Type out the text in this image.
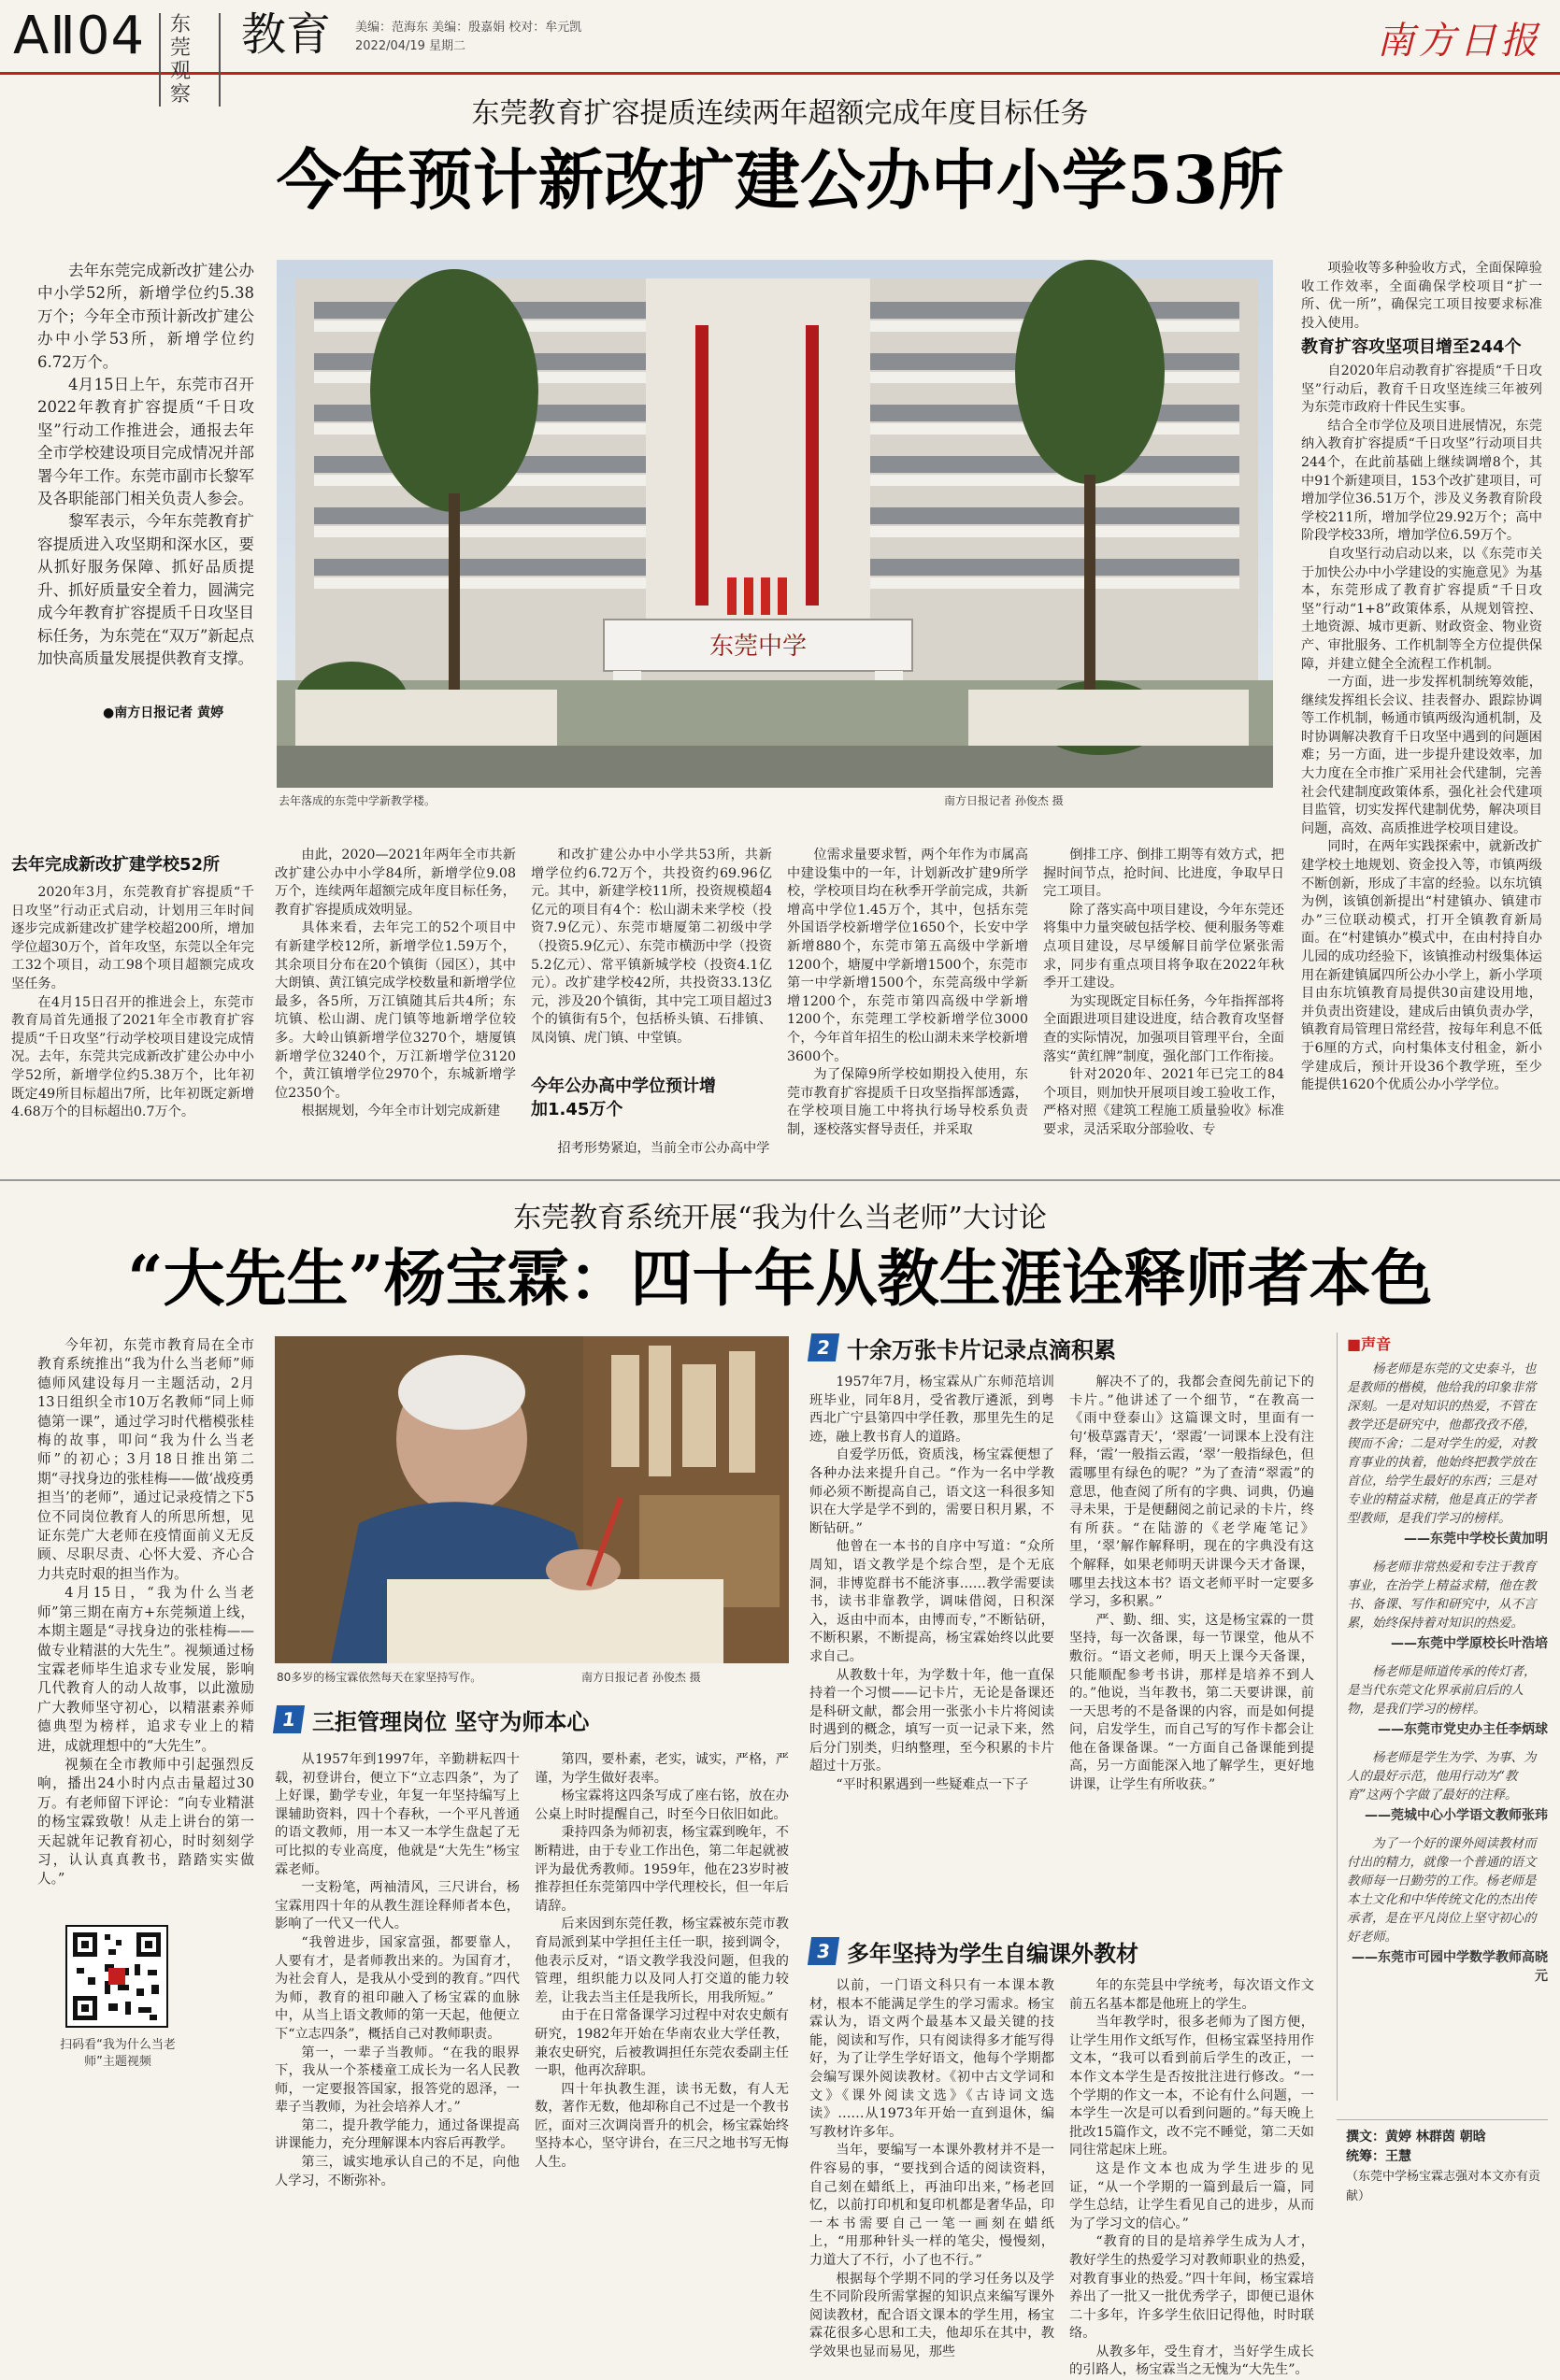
AⅡ04	东莞观察
教育 美编：范海东 美编：殷嘉娟 校对：牟元凯
2022/04/19 星期二	南方日报
东莞教育扩容提质连续两年超额完成年度目标任务
今年预计新改扩建公办中小学53所

去年东莞完成新改扩建公办中小学52所，新增学位约5.38万个；今年全市预计新改扩建公办中小学53所，新增学位约6.72万个。

4月15日上午，东莞市召开2022年教育扩容提质“千日攻坚”行动工作推进会，通报去年全市学校建设项目完成情况并部署今年工作。东莞市副市长黎军及各职能部门相关负责人参会。

黎军表示，今年东莞教育扩容提质进入攻坚期和深水区，要从抓好服务保障、抓好品质提升、抓好质量安全着力，圆满完成今年教育扩容提质千日攻坚目标任务，为东莞在“双万”新起点加快高质量发展提供教育支撑。

●南方日报记者 黄婷
东莞中学
去年落成的东莞中学新教学楼。	南方日报记者 孙俊杰 摄

项验收等多种验收方式，全面保障验收工作效率，全面确保学校项目“扩一所、优一所”，确保完工项目按要求标准投入使用。

教育扩容攻坚项目增至244个

自2020年启动教育扩容提质“千日攻坚”行动后，教育千日攻坚连续三年被列为东莞市政府十件民生实事。

结合全市学位及项目进展情况，东莞纳入教育扩容提质“千日攻坚”行动项目共244个，在此前基础上继续调增8个，其中91个新建项目，153个改扩建项目，可增加学位36.51万个，涉及义务教育阶段学校211所，增加学位29.92万个；高中阶段学校33所，增加学位6.59万个。

自攻坚行动启动以来，以《东莞市关于加快公办中小学建设的实施意见》为基本，东莞形成了教育扩容提质“千日攻坚”行动“1+8”政策体系，从规划管控、土地资源、城市更新、财政资金、物业资产、审批服务、工作机制等全方位提供保障，并建立健全全流程工作机制。

一方面，进一步发挥机制统筹效能，继续发挥组长会议、挂表督办、跟踪协调等工作机制，畅通市镇两级沟通机制，及时协调解决教育千日攻坚中遇到的问题困难；另一方面，进一步提升建设效率，加大力度在全市推广采用社会代建制，完善社会代建制度政策体系，强化社会代建项目监管，切实发挥代建制优势，解决项目问题，高效、高质推进学校项目建设。

同时，在两年实践探索中，就新改扩建学校土地规划、资金投入等，市镇两级不断创新，形成了丰富的经验。以东坑镇为例，该镇创新提出“村建镇办、镇建市办”三位联动模式，打开全镇教育新局面。在“村建镇办”模式中，在由村持自办儿园的成功经验下，该镇推动村级集体运用在新建镇属四所公办小学上，新小学项目由东坑镇教育局提供30亩建设用地，并负责出资建设，建成后由镇负责办学，镇教育局管理日常经营，按每年利息不低于6厘的方式，向村集体支付租金，新小学建成后，预计开设36个教学班，至少能提供1620个优质公办小学学位。

去年完成新改扩建学校52所

2020年3月，东莞教育扩容提质“千日攻坚”行动正式启动，计划用三年时间逐步完成新建改扩建学校超200所，增加学位超30万个，首年攻坚，东莞以全年完工32个项目，动工98个项目超额完成攻坚任务。

在4月15日召开的推进会上，东莞市教育局首先通报了2021年全市教育扩容提质“千日攻坚”行动学校项目建设完成情况。去年，东莞共完成新改扩建公办中小学52所，新增学位约5.38万个，比年初既定49所目标超出7所，比年初既定新增4.68万个的目标超出0.7万个。

由此，2020—2021年两年全市共新改扩建公办中小学84所，新增学位9.08万个，连续两年超额完成年度目标任务，教育扩容提质成效明显。

具体来看，去年完工的52个项目中有新建学校12所，新增学位1.59万个，其余项目分布在20个镇街（园区），其中大朗镇、黄江镇完成学校数量和新增学位最多，各5所，万江镇随其后共4所；东坑镇、松山湖、虎门镇等地新增学位较多。大岭山镇新增学位3270个，塘厦镇新增学位3240个，万江新增学位3120个，黄江镇增学位2970个，东城新增学位2350个。

根据规划，今年全市计划完成新建

和改扩建公办中小学共53所，共新增学位约6.72万个，共投资约69.96亿元。其中，新建学校11所，投资规模超4亿元的项目有4个：松山湖未来学校（投资7.9亿元）、东莞市塘厦第二初级中学（投资5.9亿元）、东莞市横沥中学（投资5.2亿元）、常平镇新城学校（投资4.1亿元）。改扩建学校42所，共投资33.13亿元，涉及20个镇街，其中完工项目超过3个的镇街有5个，包括桥头镇、石排镇、凤岗镇、虎门镇、中堂镇。

今年公办高中学位预计增加1.45万个

招考形势紧迫，当前全市公办高中学

位需求量要求暂，两个年作为市属高中建设集中的一年，计划新改扩建9所学校，学校项目均在秋季开学前完成，共新增高中学位1.45万个，其中，包括东莞外国语学校新增学位1650个，长安中学新增880个，东莞市第五高级中学新增1200个，塘厦中学新增1500个，东莞市第一中学新增1500个，东莞高级中学新增1200个，东莞市第四高级中学新增1200个，东莞理工学校新增学位3000个，今年首年招生的松山湖未来学校新增3600个。

为了保障9所学校如期投入使用，东莞市教育扩容提质千日攻坚指挥部透露，在学校项目施工中将执行场导校系负责制，逐校落实督导责任，并采取

倒排工序、倒排工期等有效方式，把握时间节点，抢时间、比进度，争取早日完工项目。

除了落实高中项目建设，今年东莞还将集中力量突破包括学校、便利服务等难点项目建设，尽早缓解目前学位紧张需求，同步有重点项目将争取在2022年秋季开工建设。

为实现既定目标任务，今年指挥部将全面跟进项目建设进度，结合教育攻坚督查的实际情况，加强项目管理平台，全面落实“黄红牌”制度，强化部门工作衔接。

针对2020年、2021年已完工的84个项目，则加快开展项目竣工验收工作，严格对照《建筑工程施工质量验收》标准要求，灵活采取分部验收、专

东莞教育系统开展“我为什么当老师”大讨论
“大先生”杨宝霖：四十年从教生涯诠释师者本色

今年初，东莞市教育局在全市教育系统推出“我为什么当老师”师德师风建设每月一主题活动，2月13日组织全市10万名教师“同上师德第一课”，通过学习时代楷模张桂梅的故事，叩问“我为什么当老师”的初心；3月18日推出第二期“寻找身边的张桂梅——做‘战疫勇担当’的老师”，通过记录疫情之下5位不同岗位教育人的所思所想，见证东莞广大老师在疫情面前义无反顾、尽职尽责、心怀大爱、齐心合力共克时艰的担当作为。

4月15日，“我为什么当老师”第三期在南方+东莞频道上线，本期主题是“寻找身边的张桂梅——做专业精湛的大先生”。视频通过杨宝霖老师毕生追求专业发展，影响几代教育人的动人故事，以此激励广大教师坚守初心，以精湛素养师德典型为榜样，追求专业上的精进，成就理想中的“大先生”。

视频在全市教师中引起强烈反响，播出24小时内点击量超过30万。有老师留下评论：“向专业精湛的杨宝霖致敬！从走上讲台的第一天起就年记教育初心，时时刻刻学习，认认真真教书，踏踏实实做人。”

扫码看“我为什么当老师”主题视频
80多岁的杨宝霖依然每天在家坚持写作。	南方日报记者 孙俊杰 摄
1 三拒管理岗位 坚守为师本心

从1957年到1997年，辛勤耕耘四十载，初登讲台，便立下“立志四条”，为了上好课，勤学专业，年复一年坚持编写上课辅助资料，四十个春秋，一个平凡普通的语文教师，用一本又一本学生盘起了无可比拟的专业高度，他就是“大先生”杨宝霖老师。

一支粉笔，两袖清风，三尺讲台，杨宝霖用四十年的从教生涯诠释师者本色，影响了一代又一代人。

“我曾进步，国家富强，都要靠人，人要有才，是者师教出来的。为国育才，为社会育人，是我从小受到的教育。”四代为师，教育的祖印融入了杨宝霖的血脉中，从当上语文教师的第一天起，他便立下“立志四条”，概括自己对教师职责。

第一，一辈子当教师。“在我的眼界下，我从一个茶楼童工成长为一名人民教师，一定要报答国家，报答党的恩泽，一辈子当教师，为社会培养人才。”

第二，提升教学能力，通过备课提高讲课能力，充分理解课本内容后再教学。

第三，诚实地承认自己的不足，向他人学习，不断弥补。

第四，要朴素，老实，诚实，严格，严谨，为学生做好表率。

杨宝霖将这四条写成了座右铭，放在办公桌上时时提醒自己，时至今日依旧如此。

秉持四条为师初衷，杨宝霖到晚年，不断精进，由于专业工作出色，第二年起就被评为最优秀教师。1959年，他在23岁时被推荐担任东莞第四中学代理校长，但一年后请辞。

后来因到东莞任教，杨宝霖被东莞市教育局派到某中学担任主任一职，接到调令，他表示反对，“语文教学我没问题，但我的管理，组织能力以及同人打交道的能力较差，让我去当主任是我所长，用我所短。”

由于在日常备课学习过程中对农史颇有研究，1982年开始在华南农业大学任教，兼农史研究，后被教调担任东莞农委副主任一职，他再次辞职。

四十年执教生涯，读书无数，有人无数，著作无数，他却称自己不过是一个教书匠，面对三次调岗晋升的机会，杨宝霖始终坚持本心，坚守讲台，在三尺之地书写无悔人生。

2 十余万张卡片记录点滴积累

1957年7月，杨宝霖从广东师范培训班毕业，同年8月，受省教厅遴派，到粤西北广宁县第四中学任教，那里先生的足迹，融上教书育人的道路。

自爱学历低，资质浅，杨宝霖便想了各种办法来提升自己。“作为一名中学教师必须不断提高自己，语文这一科很多知识在大学是学不到的，需要日积月累，不断钻研。”

他曾在一本书的自序中写道：“众所周知，语文教学是个综合型，是个无底洞，非博览群书不能济事……教学需要读书，读书非靠教学，调味借阅，日积深入，返由中而本，由博而专，”不断钻研，不断积累，不断提高，杨宝霖始终以此要求自己。

从教数十年，为学数十年，他一直保持着一个习惯——记卡片，无论是备课还是科研文献，都会用一张张小卡片将阅读时遇到的概念，填写一页一记录下来，然后分门别类，归纳整理，至今积累的卡片超过十万张。

“平时积累遇到一些疑难点一下子

解决不了的，我都会查阅先前记下的卡片。”他讲述了一个细节，“在教高一《雨中登泰山》这篇课文时，里面有一句‘极草露青天’，‘翠霞’一词课本上没有注释，‘霞’一般指云霞，‘翠’一般指绿色，但霞哪里有绿色的呢？”为了查清“翠霞”的意思，他查阅了所有的字典、词典，仍遍寻未果，于是便翻阅之前记录的卡片，终有所获。“在陆游的《老学庵笔记》里，‘翠’解作解释明，现在的字典没有这个解释，如果老师明天讲课今天才备课，哪里去找这本书？语文老师平时一定要多学习，多积累。”

严、勤、细、实，这是杨宝霖的一贯坚持，每一次备课，每一节课堂，他从不敷衍。“语文老师，明天上课今天备课，只能顺配参考书讲，那样是培养不到人的。”他说，当年教书，第二天要讲课，前一天思考的不是备课的内容，而是如何提问，启发学生，而自己写的写作卡都会让他在备课备课。“一方面自己备课能到提高，另一方面能深入地了解学生，更好地讲课，让学生有所收获。”

3 多年坚持为学生自编课外教材

以前，一门语文科只有一本课本教材，根本不能满足学生的学习需求。杨宝霖认为，语文两个最基本又最关键的技能，阅读和写作，只有阅读得多才能写得好，为了让学生学好语文，他每个学期都会编写课外阅读教材。《初中古文学词和文》《课外阅读文选》《古诗词文选读》……从1973年开始一直到退休，编写教材许多年。

当年，要编写一本课外教材并不是一件容易的事，“要找到合适的阅读资料，自己刻在蜡纸上，再油印出来，”杨老回忆，以前打印机和复印机都是奢华品，印一本书需要自己一笔一画刻在蜡纸上，“用那种针头一样的笔尖，慢慢刻，力道大了不行，小了也不行。”

根据每个学期不同的学习任务以及学生不同阶段所需掌握的知识点来编写课外阅读教材，配合语文课本的学生用，杨宝霖花很多心思和工夫，他却乐在其中，教学效果也显而易见，那些

年的东莞县中学统考，每次语文作文前五名基本都是他班上的学生。

当年教学时，很多老师为了图方便，让学生用作文纸写作，但杨宝霖坚持用作文本，“我可以看到前后学生的改正，一本作文本学生是否按批注进行修改。“一个学期的作文一本，不论有什么问题，一本学生一次是可以看到问题的。”每天晚上批改15篇作文，改不完不睡觉，第二天如同往常起床上班。

这是作文本也成为学生进步的见证，“从一个学期的一篇到最后一篇，同学生总结，让学生看见自己的进步，从而为了学习文的信心。”

“教育的目的是培养学生成为人才，教好学生的热爱学习对教师职业的热爱，对教育事业的热爱。”四十年间，杨宝霖培养出了一批又一批优秀学子，即便已退休二十多年，许多学生依旧记得他，时时联络。

从教多年，受生育才，当好学生成长的引路人，杨宝霖当之无愧为“大先生”。

■声音

杨老师是东莞的文史泰斗，也是教师的楷模，他给我的印象非常深刻。一是对知识的热爱，不管在教学还是研究中，他都孜孜不倦，锲而不舍；二是对学生的爱，对教育事业的执着，他始终把教学放在首位，给学生最好的东西；三是对专业的精益求精，他是真正的学者型教师，是我们学习的榜样。

——东莞中学校长黄加明

杨老师非常热爱和专注于教育事业，在治学上精益求精，他在教书、备课、写作和研究中，从不言累，始终保持着对知识的热爱。

——东莞中学原校长叶浩培

杨老师是师道传承的传灯者，是当代东莞文化界承前启后的人物，是我们学习的榜样。

——东莞市党史办主任李炳球

杨老师是学生为学、为事、为人的最好示范，他用行动为“教育”这两个字做了最好的注释。

——莞城中心小学语文教师张玮

为了一个好的课外阅读教材而付出的精力，就像一个普通的语文教师每一日勤劳的工作。杨老师是本土文化和中华传统文化的杰出传承者，是在平凡岗位上坚守初心的好老师。

——东莞市可园中学数学教师高晓元

撰文：黄婷 林群茵 朝晗
统筹：王慧
（东莞中学杨宝霖志强对本文亦有贡献）
